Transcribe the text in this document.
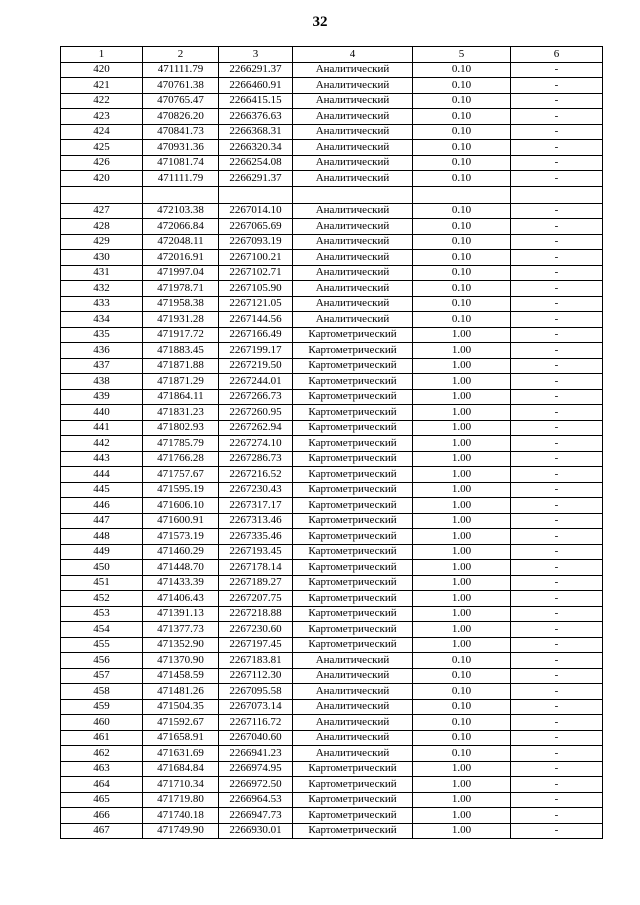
32
1	2	3	4	5	6
420	471111.79	2266291.37	Аналитический	0.10	-
421	470761.38	2266460.91	Аналитический	0.10	-
422	470765.47	2266415.15	Аналитический	0.10	-
423	470826.20	2266376.63	Аналитический	0.10	-
424	470841.73	2266368.31	Аналитический	0.10	-
425	470931.36	2266320.34	Аналитический	0.10	-
426	471081.74	2266254.08	Аналитический	0.10	-
420	471111.79	2266291.37	Аналитический	0.10	-

427	472103.38	2267014.10	Аналитический	0.10	-
428	472066.84	2267065.69	Аналитический	0.10	-
429	472048.11	2267093.19	Аналитический	0.10	-
430	472016.91	2267100.21	Аналитический	0.10	-
431	471997.04	2267102.71	Аналитический	0.10	-
432	471978.71	2267105.90	Аналитический	0.10	-
433	471958.38	2267121.05	Аналитический	0.10	-
434	471931.28	2267144.56	Аналитический	0.10	-
435	471917.72	2267166.49	Картометрический	1.00	-
436	471883.45	2267199.17	Картометрический	1.00	-
437	471871.88	2267219.50	Картометрический	1.00	-
438	471871.29	2267244.01	Картометрический	1.00	-
439	471864.11	2267266.73	Картометрический	1.00	-
440	471831.23	2267260.95	Картометрический	1.00	-
441	471802.93	2267262.94	Картометрический	1.00	-
442	471785.79	2267274.10	Картометрический	1.00	-
443	471766.28	2267286.73	Картометрический	1.00	-
444	471757.67	2267216.52	Картометрический	1.00	-
445	471595.19	2267230.43	Картометрический	1.00	-
446	471606.10	2267317.17	Картометрический	1.00	-
447	471600.91	2267313.46	Картометрический	1.00	-
448	471573.19	2267335.46	Картометрический	1.00	-
449	471460.29	2267193.45	Картометрический	1.00	-
450	471448.70	2267178.14	Картометрический	1.00	-
451	471433.39	2267189.27	Картометрический	1.00	-
452	471406.43	2267207.75	Картометрический	1.00	-
453	471391.13	2267218.88	Картометрический	1.00	-
454	471377.73	2267230.60	Картометрический	1.00	-
455	471352.90	2267197.45	Картометрический	1.00	-
456	471370.90	2267183.81	Аналитический	0.10	-
457	471458.59	2267112.30	Аналитический	0.10	-
458	471481.26	2267095.58	Аналитический	0.10	-
459	471504.35	2267073.14	Аналитический	0.10	-
460	471592.67	2267116.72	Аналитический	0.10	-
461	471658.91	2267040.60	Аналитический	0.10	-
462	471631.69	2266941.23	Аналитический	0.10	-
463	471684.84	2266974.95	Картометрический	1.00	-
464	471710.34	2266972.50	Картометрический	1.00	-
465	471719.80	2266964.53	Картометрический	1.00	-
466	471740.18	2266947.73	Картометрический	1.00	-
467	471749.90	2266930.01	Картометрический	1.00	-
